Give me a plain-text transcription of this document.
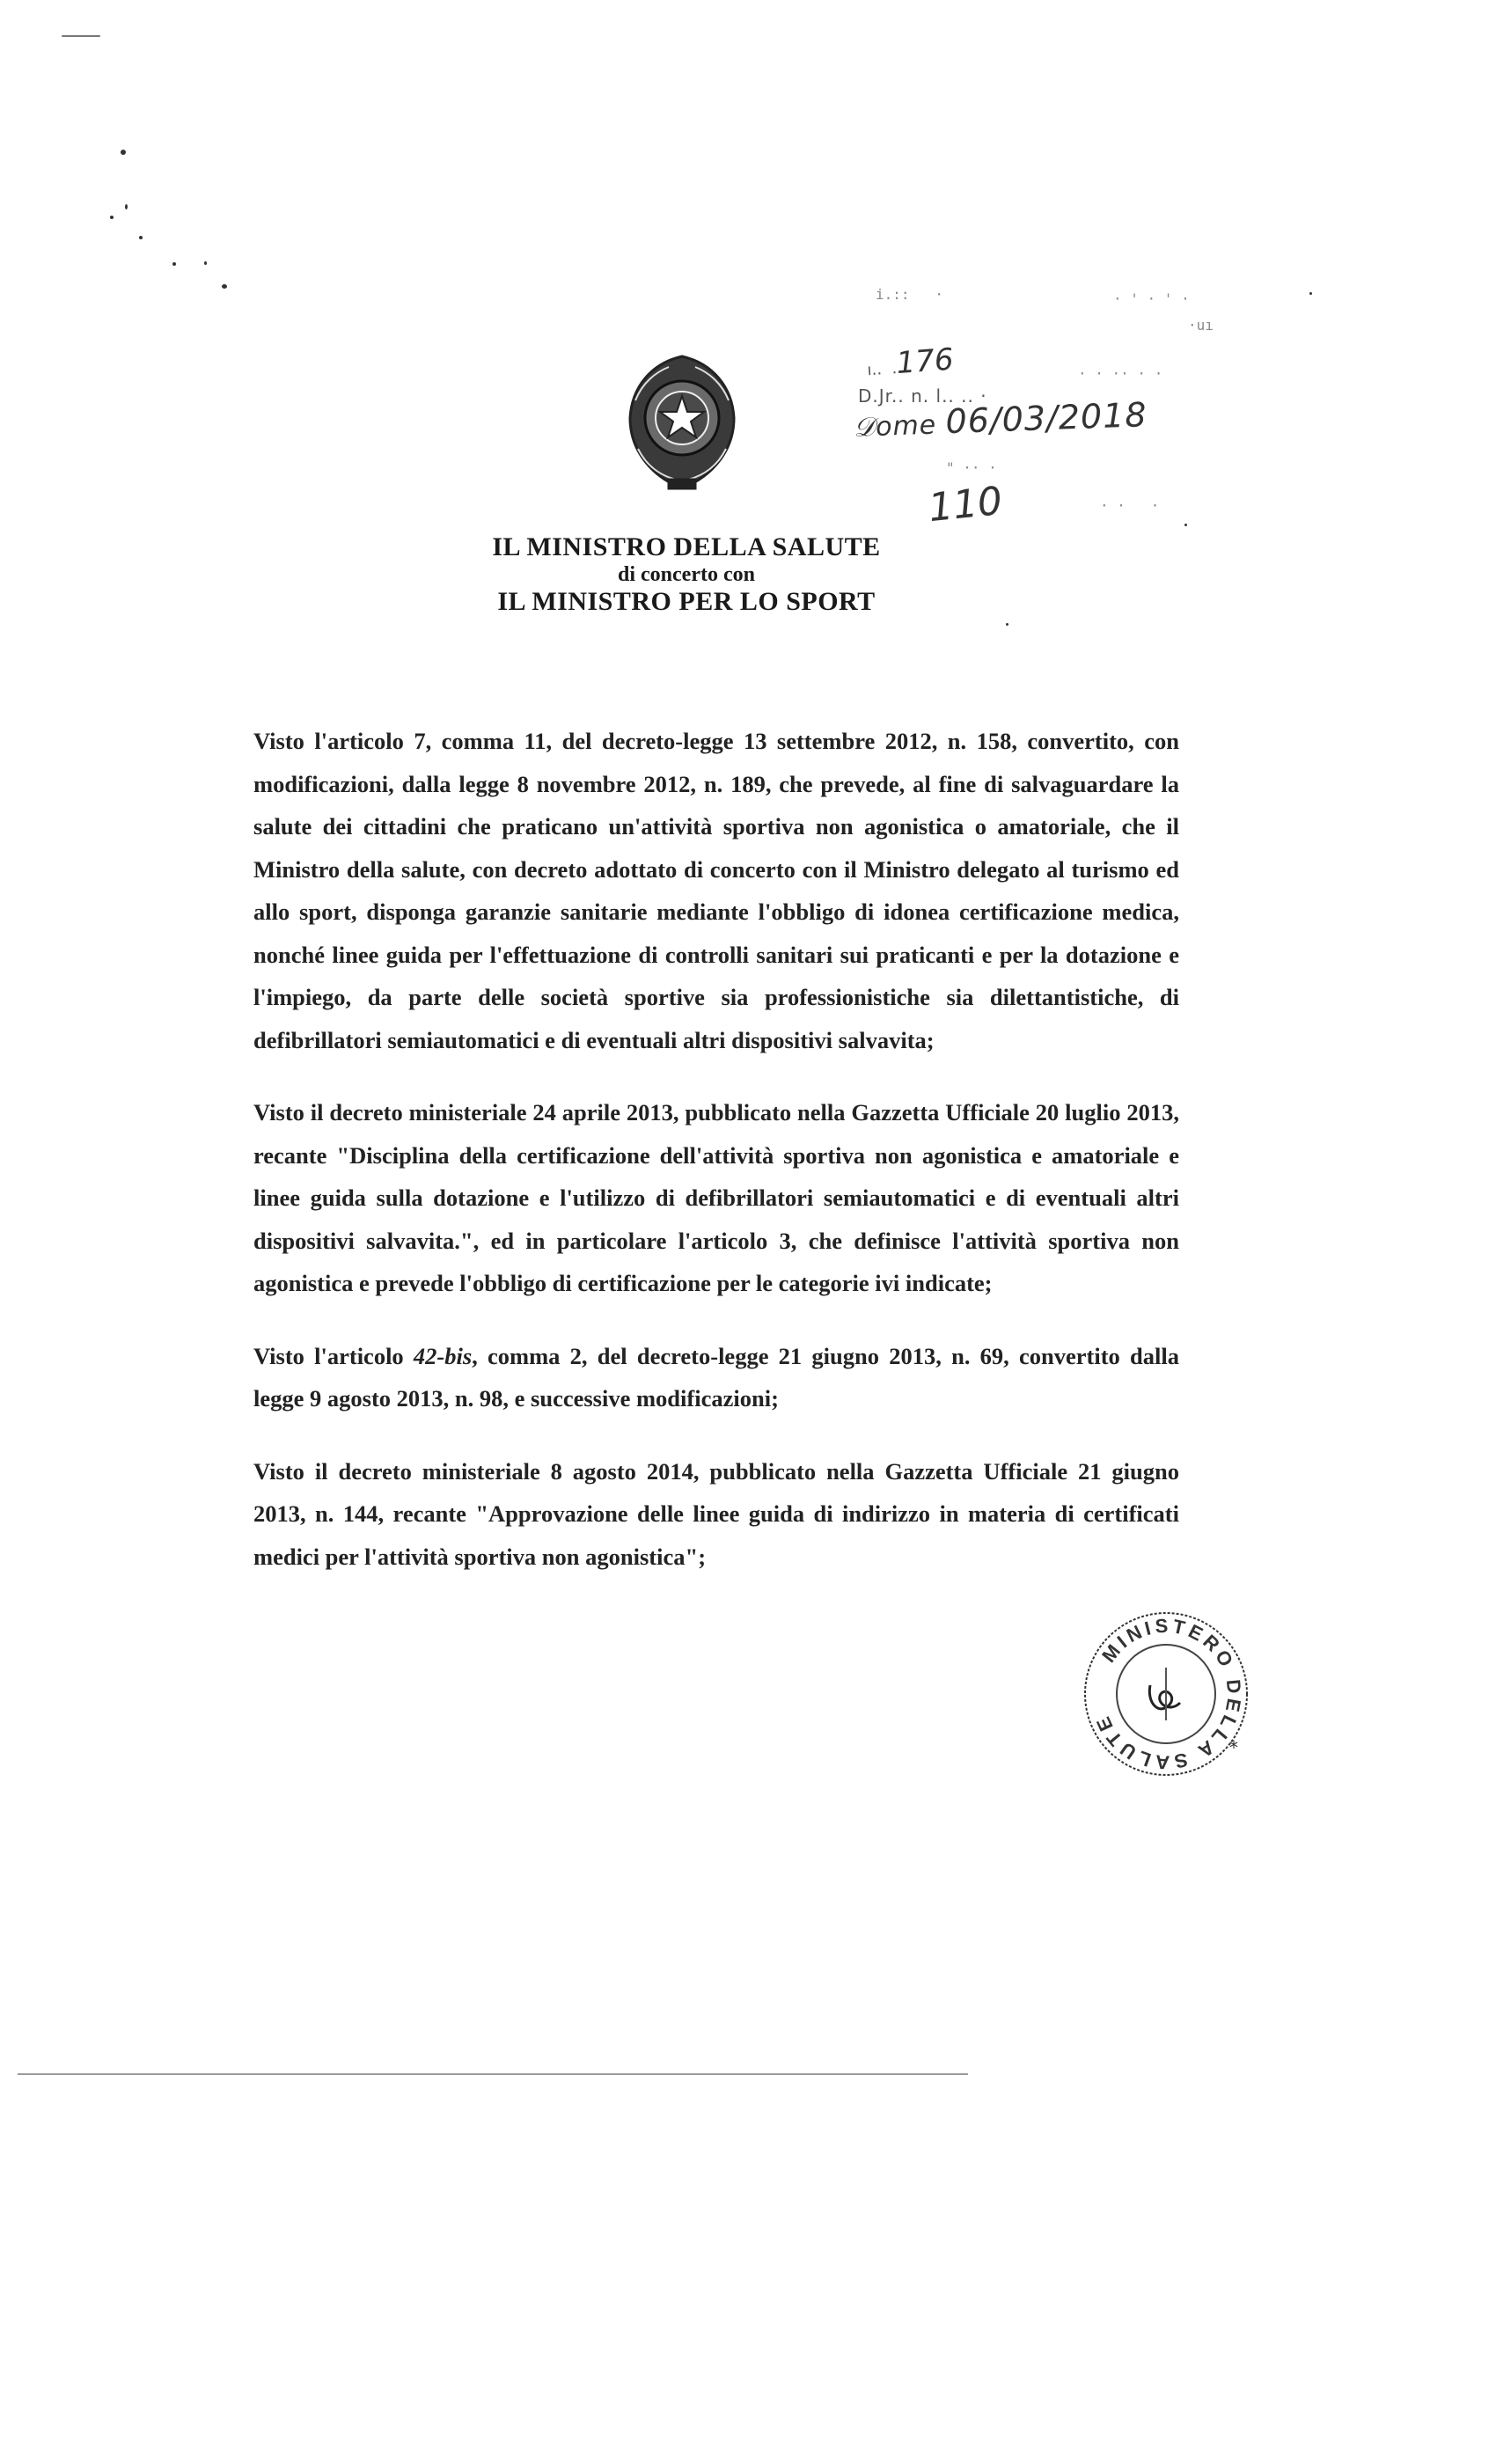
i.::   ·	· ' · ' ·
·uı
· · ·· · ·
" ·· ·
· ·   ·
ı..  .176
D.Jr.. n. l.. .. ·
𝒟ome 06/03/2018
110
IL MINISTRO DELLA SALUTE
di concerto con
IL MINISTRO PER LO SPORT

Visto l'articolo 7, comma 11, del decreto-legge 13 settembre 2012, n. 158, convertito, con modificazioni, dalla legge 8 novembre 2012, n. 189, che prevede, al fine di salvaguardare la salute dei cittadini che praticano un'attività sportiva non agonistica o amatoriale, che il Ministro della salute, con decreto adottato di concerto con il Ministro delegato al turismo ed allo sport, disponga garanzie sanitarie mediante l'obbligo di idonea certificazione medica, nonché linee guida per l'effettuazione di controlli sanitari sui praticanti e per la dotazione e l'impiego, da parte delle società sportive sia professionistiche sia dilettantistiche, di defibrillatori semiautomatici e di eventuali altri dispositivi salvavita;

Visto il decreto ministeriale 24 aprile 2013, pubblicato nella Gazzetta Ufficiale 20 luglio 2013, recante "Disciplina della certificazione dell'attività sportiva non agonistica e amatoriale e linee guida sulla dotazione e l'utilizzo di defibrillatori semiautomatici e di eventuali altri dispositivi salvavita.", ed in particolare l'articolo 3, che definisce l'attività sportiva non agonistica e prevede l'obbligo di certificazione per le categorie ivi indicate;

Visto l'articolo 42-bis, comma 2, del decreto-legge 21 giugno 2013, n. 69, convertito dalla legge 9 agosto 2013, n. 98, e successive modificazioni;

Visto il decreto ministeriale 8 agosto 2014, pubblicato nella Gazzetta Ufficiale 21 giugno 2013, n. 144, recante "Approvazione delle linee guida di indirizzo in materia di certificati medici per l'attività sportiva non agonistica";

MINISTERO DELLA SALUTE
*
